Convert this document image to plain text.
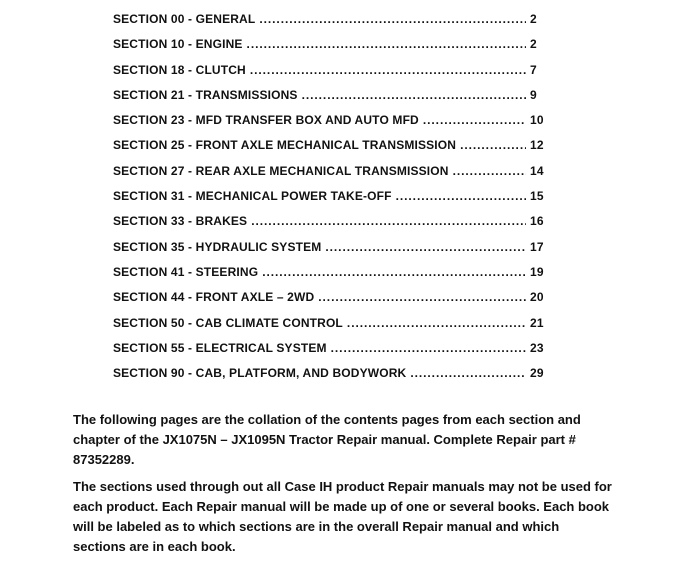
SECTION 00 - GENERAL . . .	2
SECTION 10 - ENGINE . . .	2
SECTION 18 - CLUTCH . . .	7
SECTION 21 - TRANSMISSIONS . . .	9
SECTION 23 - MFD TRANSFER BOX AND AUTO MFD . . .	10
SECTION 25 - FRONT AXLE MECHANICAL TRANSMISSION . . .	12
SECTION 27 - REAR AXLE MECHANICAL TRANSMISSION . . .	14
SECTION 31 - MECHANICAL POWER TAKE-OFF . . .	15
SECTION 33 - BRAKES . . .	16
SECTION 35 - HYDRAULIC SYSTEM . . .	17
SECTION 41 - STEERING . . .	19
SECTION 44 - FRONT AXLE – 2WD . . .	20
SECTION 50 - CAB CLIMATE CONTROL . . .	21
SECTION 55 - ELECTRICAL SYSTEM . . .	23
SECTION 90 - CAB, PLATFORM, AND BODYWORK . . .	29

The following pages are the collation of the contents pages from each section and chapter of the JX1075N – JX1095N Tractor Repair manual. Complete Repair part # 87352289.

The sections used through out all Case IH product Repair manuals may not be used for each product. Each Repair manual will be made up of one or several books. Each book will be labeled as to which sections are in the overall Repair manual and which sections are in each book.
